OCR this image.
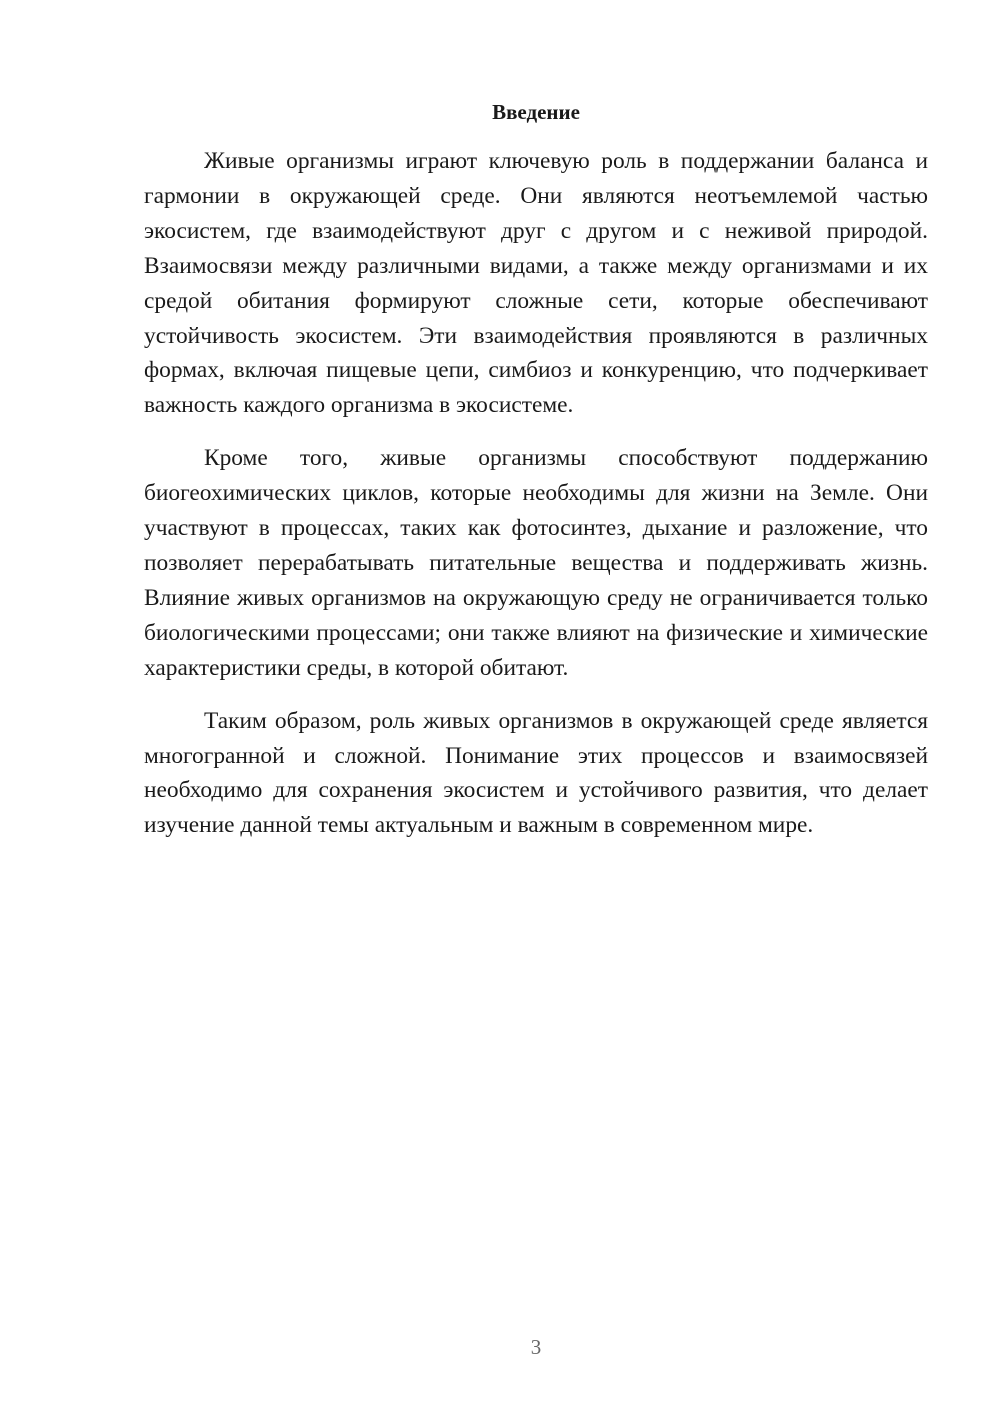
Введение

Живые организмы играют ключевую роль в поддержании баланса и гармонии в окружающей среде. Они являются неотъемлемой частью экосистем, где взаимодействуют друг с другом и с неживой природой. Взаимосвязи между различными видами, а также между организмами и их средой обитания формируют сложные сети, которые обеспечивают устойчивость экосистем. Эти взаимодействия проявляются в различных формах, включая пищевые цепи, симбиоз и конкуренцию, что подчеркивает важность каждого организма в экосистеме.

Кроме того, живые организмы способствуют поддержанию биогеохимических циклов, которые необходимы для жизни на Земле. Они участвуют в процессах, таких как фотосинтез, дыхание и разложение, что позволяет перерабатывать питательные вещества и поддерживать жизнь. Влияние живых организмов на окружающую среду не ограничивается только биологическими процессами; они также влияют на физические и химические характеристики среды, в которой обитают.

Таким образом, роль живых организмов в окружающей среде является многогранной и сложной. Понимание этих процессов и взаимосвязей необходимо для сохранения экосистем и устойчивого развития, что делает изучение данной темы актуальным и важным в современном мире.

3
